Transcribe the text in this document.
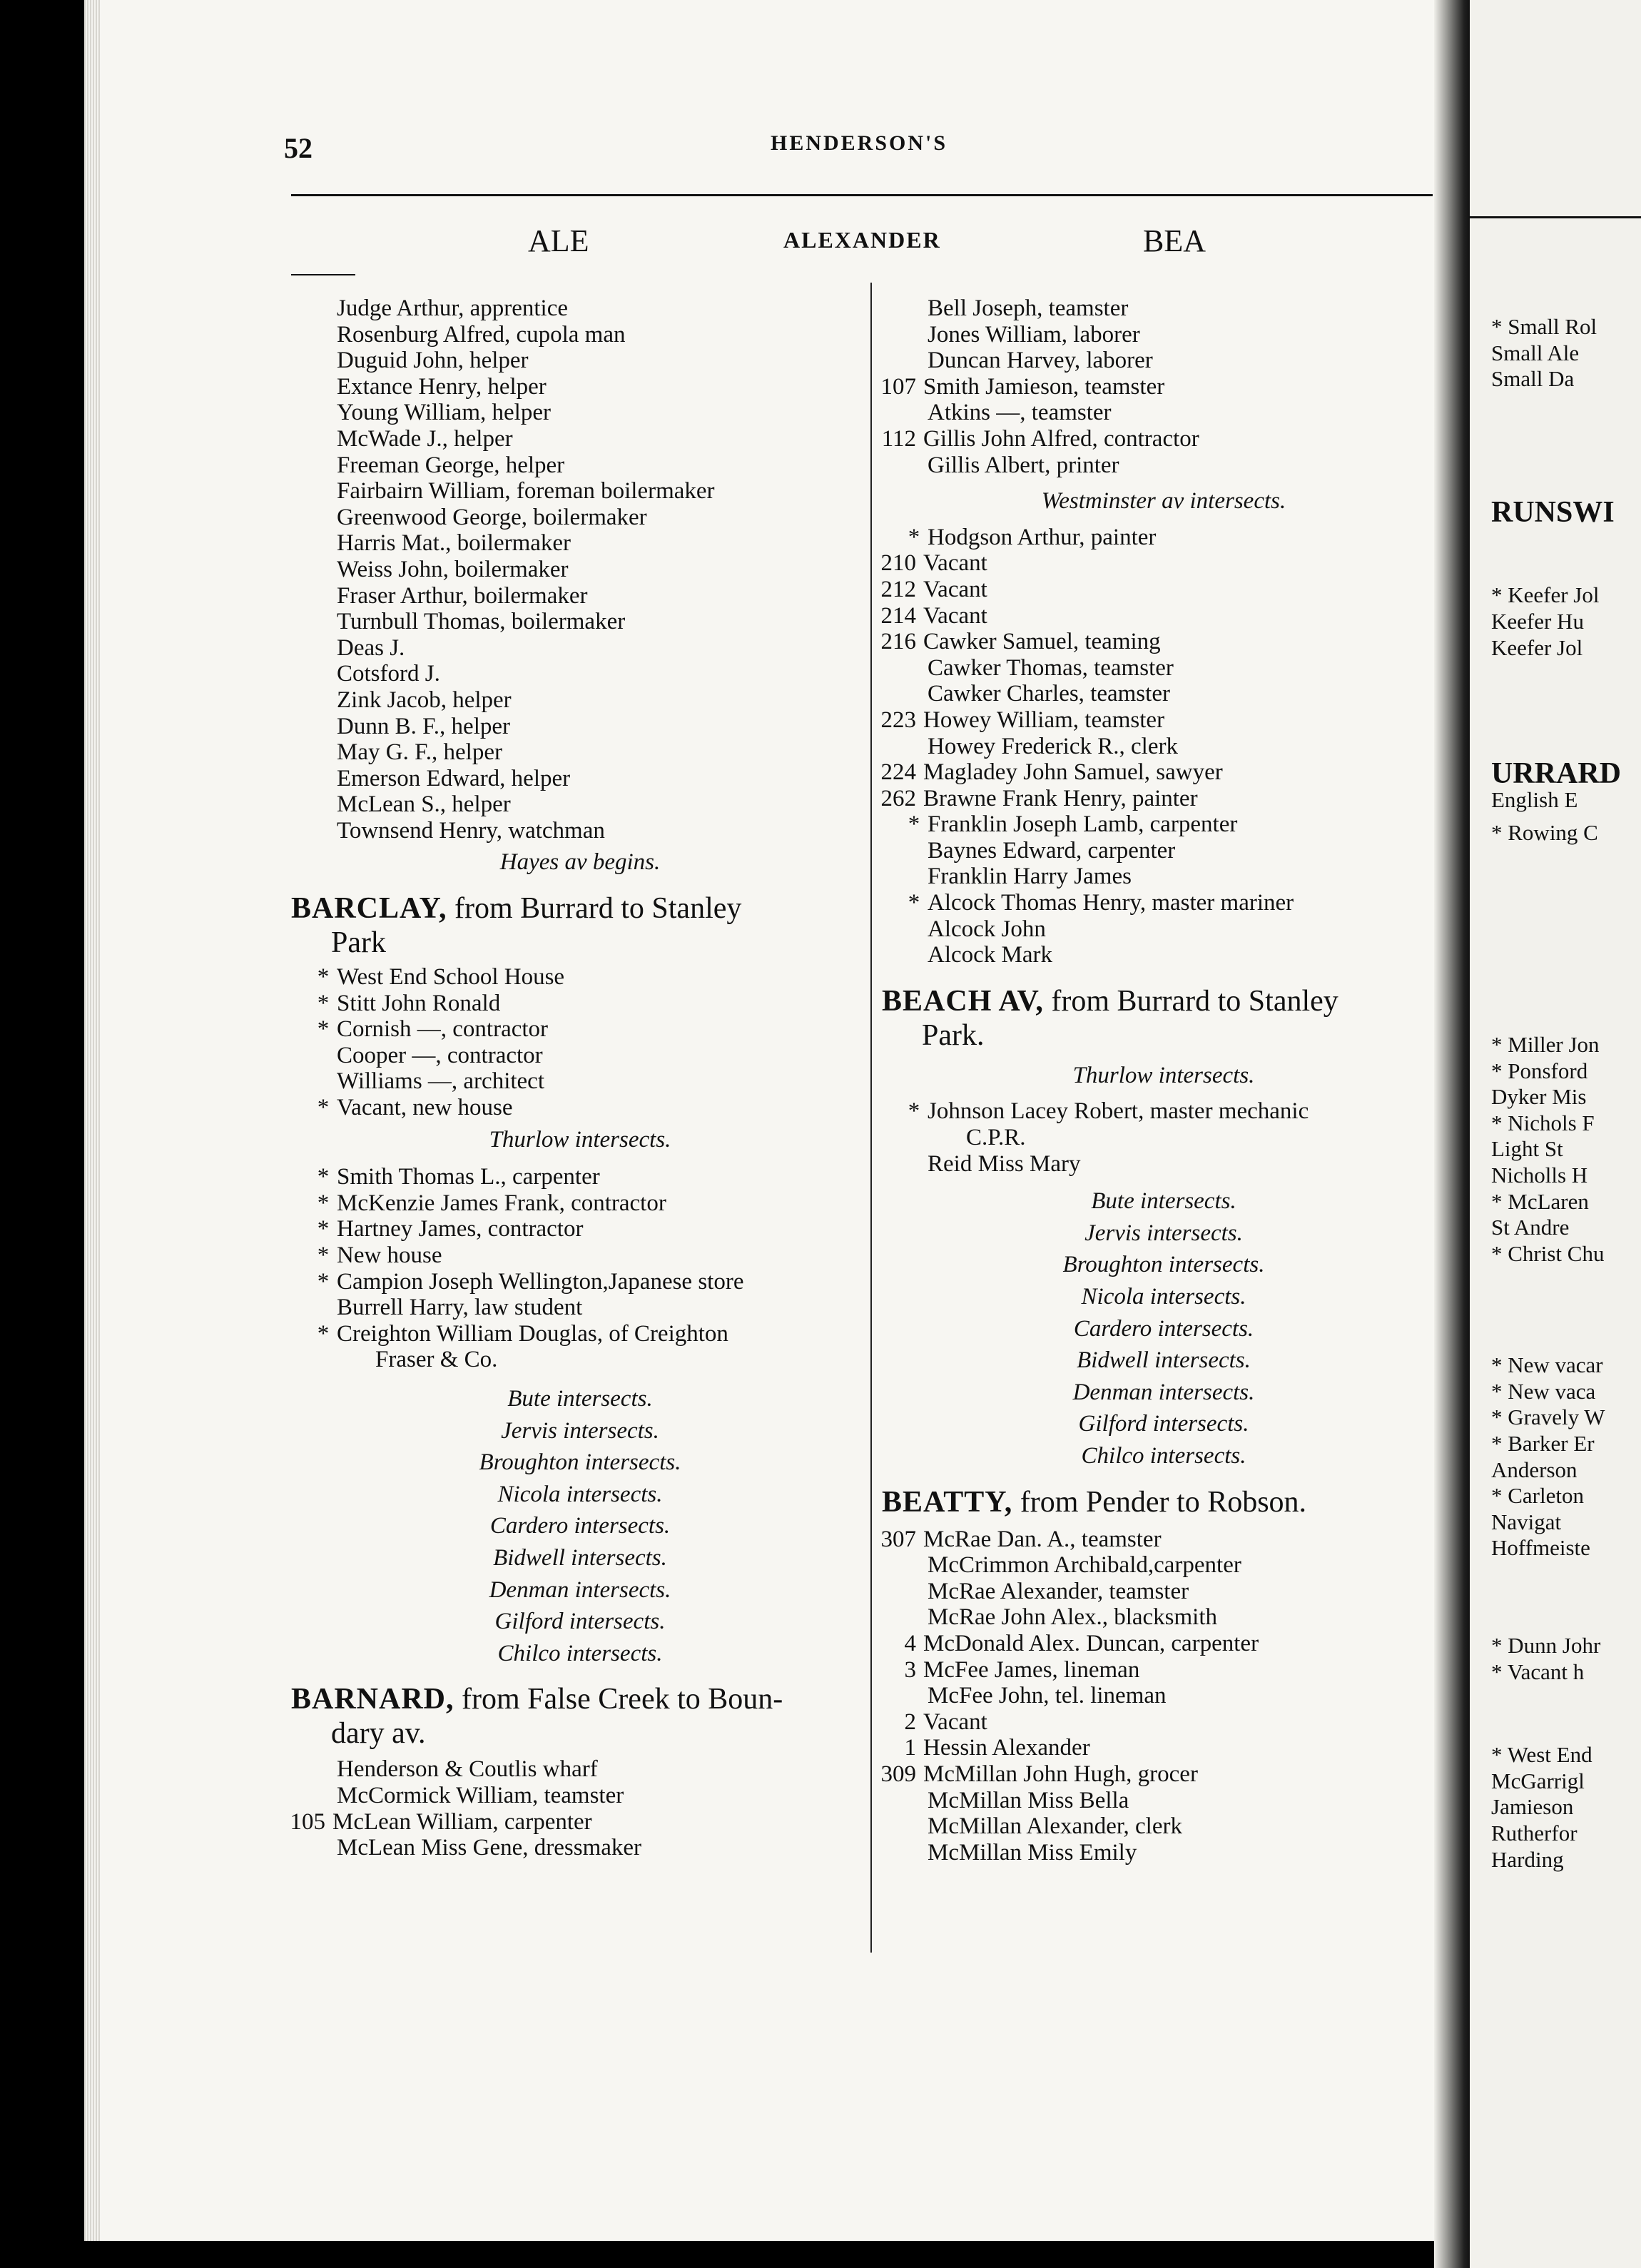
52	HENDERSON'S
ALE	ALEXANDER	BEA
Judge Arthur, apprentice
Rosenburg Alfred, cupola man
Duguid John, helper
Extance Henry, helper
Young William, helper
McWade J., helper
Freeman George, helper
Fairbairn William, foreman boilermaker
Greenwood George, boilermaker
Harris Mat., boilermaker
Weiss John, boilermaker
Fraser Arthur, boilermaker
Turnbull Thomas, boilermaker
Deas J.
Cotsford J.
Zink Jacob, helper
Dunn B. F., helper
May G. F., helper
Emerson Edward, helper
McLean S., helper
Townsend Henry, watchman
Hayes av begins.
BARCLAY, from Burrard to Stanley
Park
* West End School House
* Stitt John Ronald
* Cornish —, contractor
Cooper —, contractor
Williams —, architect
* Vacant, new house
Thurlow intersects.
* Smith Thomas L., carpenter
* McKenzie James Frank, contractor
* Hartney James, contractor
* New house
* Campion Joseph Wellington,Japanese store
Burrell Harry, law student
* Creighton William Douglas, of Creighton
Fraser & Co.
Bute intersects.
Jervis intersects.
Broughton intersects.
Nicola intersects.
Cardero intersects.
Bidwell intersects.
Denman intersects.
Gilford intersects.
Chilco intersects.
BARNARD, from False Creek to Boun-
dary av.
Henderson & Coutlis wharf
McCormick William, teamster
105 McLean William, carpenter
McLean Miss Gene, dressmaker
Bell Joseph, teamster
Jones William, laborer
Duncan Harvey, laborer
107 Smith Jamieson, teamster
Atkins —, teamster
112 Gillis John Alfred, contractor
Gillis Albert, printer
Westminster av intersects.
* Hodgson Arthur, painter
210 Vacant
212 Vacant
214 Vacant
216 Cawker Samuel, teaming
Cawker Thomas, teamster
Cawker Charles, teamster
223 Howey William, teamster
Howey Frederick R., clerk
224 Magladey John Samuel, sawyer
262 Brawne Frank Henry, painter
* Franklin Joseph Lamb, carpenter
Baynes Edward, carpenter
Franklin Harry James
* Alcock Thomas Henry, master mariner
Alcock John
Alcock Mark
BEACH AV, from Burrard to Stanley
Park.
Thurlow intersects.
* Johnson Lacey Robert, master mechanic
C.P.R.
Reid Miss Mary
Bute intersects.
Jervis intersects.
Broughton intersects.
Nicola intersects.
Cardero intersects.
Bidwell intersects.
Denman intersects.
Gilford intersects.
Chilco intersects.
BEATTY, from Pender to Robson.
307 McRae Dan. A., teamster
McCrimmon Archibald,carpenter
McRae Alexander, teamster
McRae John Alex., blacksmith
4 McDonald Alex. Duncan, carpenter
3 McFee James, lineman
McFee John, tel. lineman
2 Vacant
1 Hessin Alexander
309 McMillan John Hugh, grocer
McMillan Miss Bella
McMillan Alexander, clerk
McMillan Miss Emily
* Small Rol
Small Ale
Small Da
RUNSWI
* Keefer Jol
Keefer Hu
Keefer Jol
URRARD
English E
* Rowing C
* Miller Jon
* Ponsford
Dyker Mis
* Nichols F
Light St
Nicholls H
* McLaren
St Andre
* Christ Chu
* New vacar
* New vaca
* Gravely W
* Barker Er
Anderson
* Carleton
Navigat
Hoffmeiste
* Dunn Johr
* Vacant h
* West End
McGarrigl
Jamieson
Rutherfor
Harding
